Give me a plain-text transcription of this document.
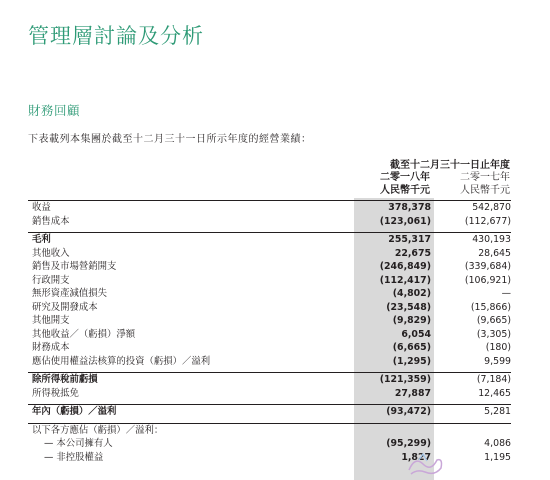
管理層討論及分析
財務回顧
下表載列本集團於截至十二月三十一日所示年度的經營業績：
截至十二月三十一日止年度
二零一八年	二零一七年
人民幣千元	人民幣千元
收益	378,378	542,870
銷售成本	(123,061)	(112,677)
毛利	255,317	430,193
其他收入	22,675	28,645
銷售及市場營銷開支	(246,849)	(339,684)
行政開支	(112,417)	(106,921)
無形資產減值損失	(4,802)	—
研究及開發成本	(23,548)	(15,866)
其他開支	(9,829)	(9,665)
其他收益／（虧損）淨額	6,054	(3,305)
財務成本	(6,665)	(180)
應佔使用權益法核算的投資（虧損）／溢利	(1,295)	9,599
除所得稅前虧損	(121,359)	(7,184)
所得稅抵免	27,887	12,465
年內（虧損）／溢利	(93,472)	5,281
以下各方應佔（虧損）／溢利：
— 本公司擁有人	(95,299)	4,086
— 非控股權益	1,827	1,195
